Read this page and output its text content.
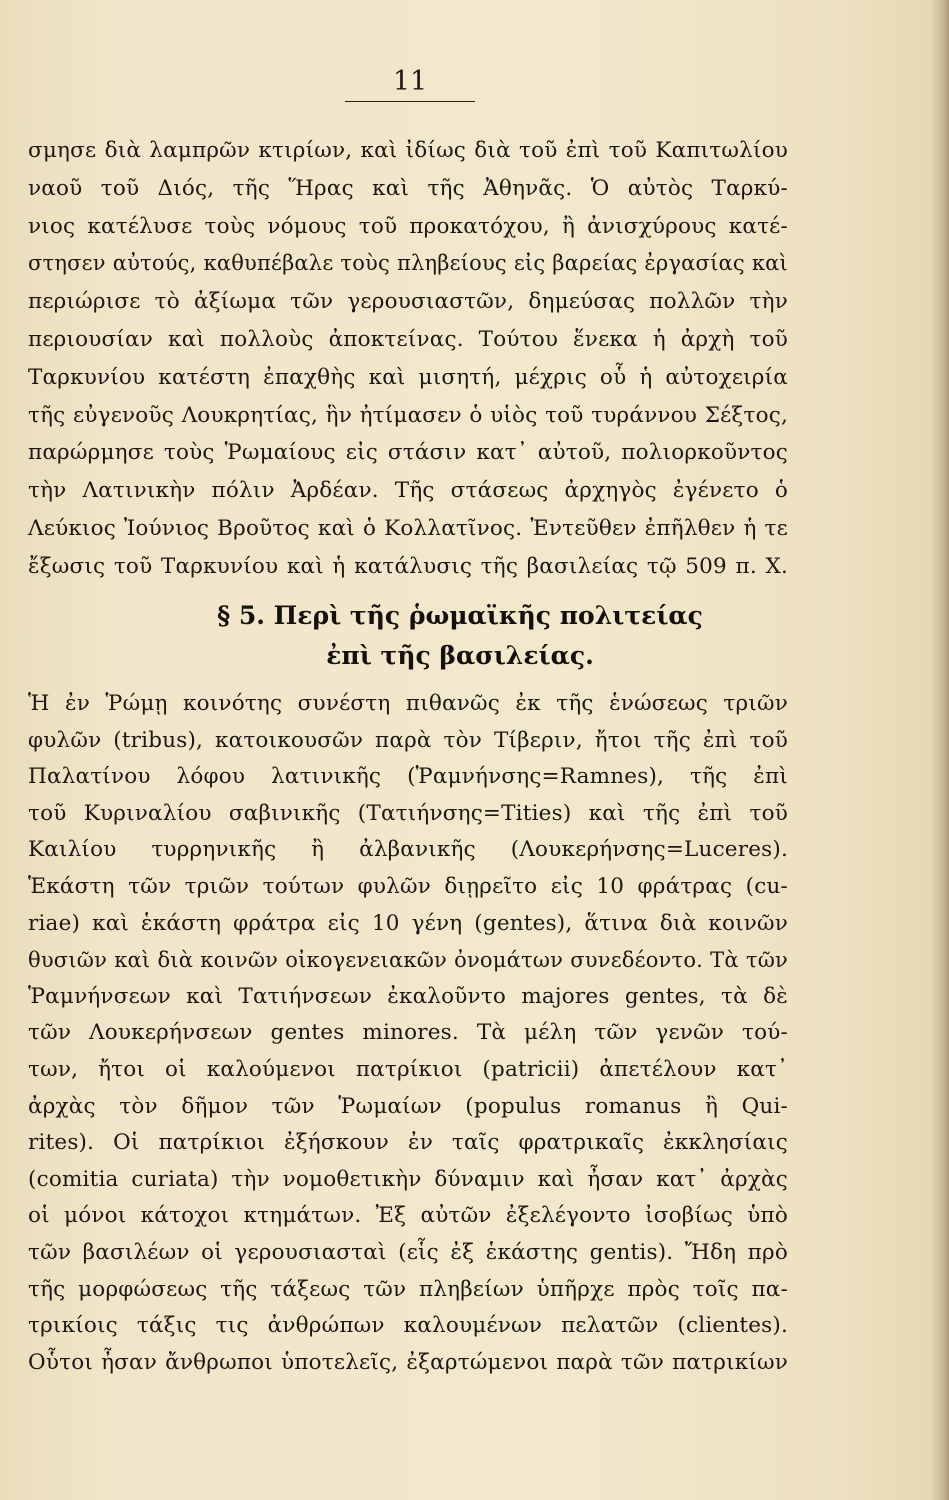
11
σμησε διὰ λαμπρῶν κτιρίων, καὶ ἰδίως διὰ τοῦ ἐπὶ τοῦ Καπιτωλίου
ναοῦ τοῦ Διός, τῆς Ἥρας καὶ τῆς Ἀθηνᾶς. Ὁ αὐτὸς Ταρκύ-
νιος κατέλυσε τοὺς νόμους τοῦ προκατόχου, ἢ ἀνισχύρους κατέ-
στησεν αὐτούς, καθυπέβαλε τοὺς πληβείους εἰς βαρείας ἐργασίας καὶ
περιώρισε τὸ ἀξίωμα τῶν γερουσιαστῶν, δημεύσας πολλῶν τὴν
περιουσίαν καὶ πολλοὺς ἀποκτείνας. Τούτου ἕνεκα ἡ ἀρχὴ τοῦ
Ταρκυνίου κατέστη ἐπαχθὴς καὶ μισητή, μέχρις οὗ ἡ αὐτοχειρία
τῆς εὐγενοῦς Λουκρητίας, ἣν ἠτίμασεν ὁ υἱὸς τοῦ τυράννου Σέξτος,
παρώρμησε τοὺς Ῥωμαίους εἰς στάσιν κατ᾽ αὐτοῦ, πολιορκοῦντος
τὴν Λατινικὴν πόλιν Ἀρδέαν. Τῆς στάσεως ἀρχηγὸς ἐγένετο ὁ
Λεύκιος Ἰούνιος Βροῦτος καὶ ὁ Κολλατῖνος. Ἐντεῦθεν ἐπῆλθεν ἡ τε
ἔξωσις τοῦ Ταρκυνίου καὶ ἡ κατάλυσις τῆς βασιλείας τῷ 509 π. Χ.
§ 5. Περὶ τῆς ῥωμαϊκῆς πολιτείας
ἐπὶ τῆς βασιλείας.
Ἡ ἐν Ῥώμῃ κοινότης συνέστη πιθανῶς ἐκ τῆς ἑνώσεως τριῶν
φυλῶν (tribus), κατοικουσῶν παρὰ τὸν Τίβεριν, ἤτοι τῆς ἐπὶ τοῦ
Παλατίνου λόφου λατινικῆς (Ῥαμνήνσης=Ramnes), τῆς ἐπὶ
τοῦ Κυριναλίου σαβινικῆς (Τατιήνσης=Tities) καὶ τῆς ἐπὶ τοῦ
Καιλίου τυρρηνικῆς ἢ ἀλβανικῆς (Λουκερήνσης=Luceres).
Ἑκάστη τῶν τριῶν τούτων φυλῶν διῃρεῖτο εἰς 10 φράτρας (cu-
riae) καὶ ἑκάστη φράτρα εἰς 10 γένη (gentes), ἅτινα διὰ κοινῶν
θυσιῶν καὶ διὰ κοινῶν οἰκογενειακῶν ὀνομάτων συνεδέοντο. Τὰ τῶν
Ῥαμνήνσεων καὶ Τατιήνσεων ἐκαλοῦντο majores gentes, τὰ δὲ
τῶν Λουκερήνσεων gentes minores. Τὰ μέλη τῶν γενῶν τού-
των, ἤτοι οἱ καλούμενοι πατρίκιοι (patricii) ἀπετέλουν κατ᾽
ἀρχὰς τὸν δῆμον τῶν Ῥωμαίων (populus romanus ἢ Qui-
rites). Οἱ πατρίκιοι ἐξήσκουν ἐν ταῖς φρατρικαῖς ἐκκλησίαις
(comitia curiata) τὴν νομοθετικὴν δύναμιν καὶ ἦσαν κατ᾽ ἀρχὰς
οἱ μόνοι κάτοχοι κτημάτων. Ἐξ αὐτῶν ἐξελέγοντο ἰσοβίως ὑπὸ
τῶν βασιλέων οἱ γερουσιασταὶ (εἷς ἐξ ἑκάστης gentis). Ἤδη πρὸ
τῆς μορφώσεως τῆς τάξεως τῶν πληβείων ὑπῆρχε πρὸς τοῖς πα-
τρικίοις τάξις τις ἀνθρώπων καλουμένων πελατῶν (clientes).
Οὗτοι ἦσαν ἄνθρωποι ὑποτελεῖς, ἐξαρτώμενοι παρὰ τῶν πατρικίων
